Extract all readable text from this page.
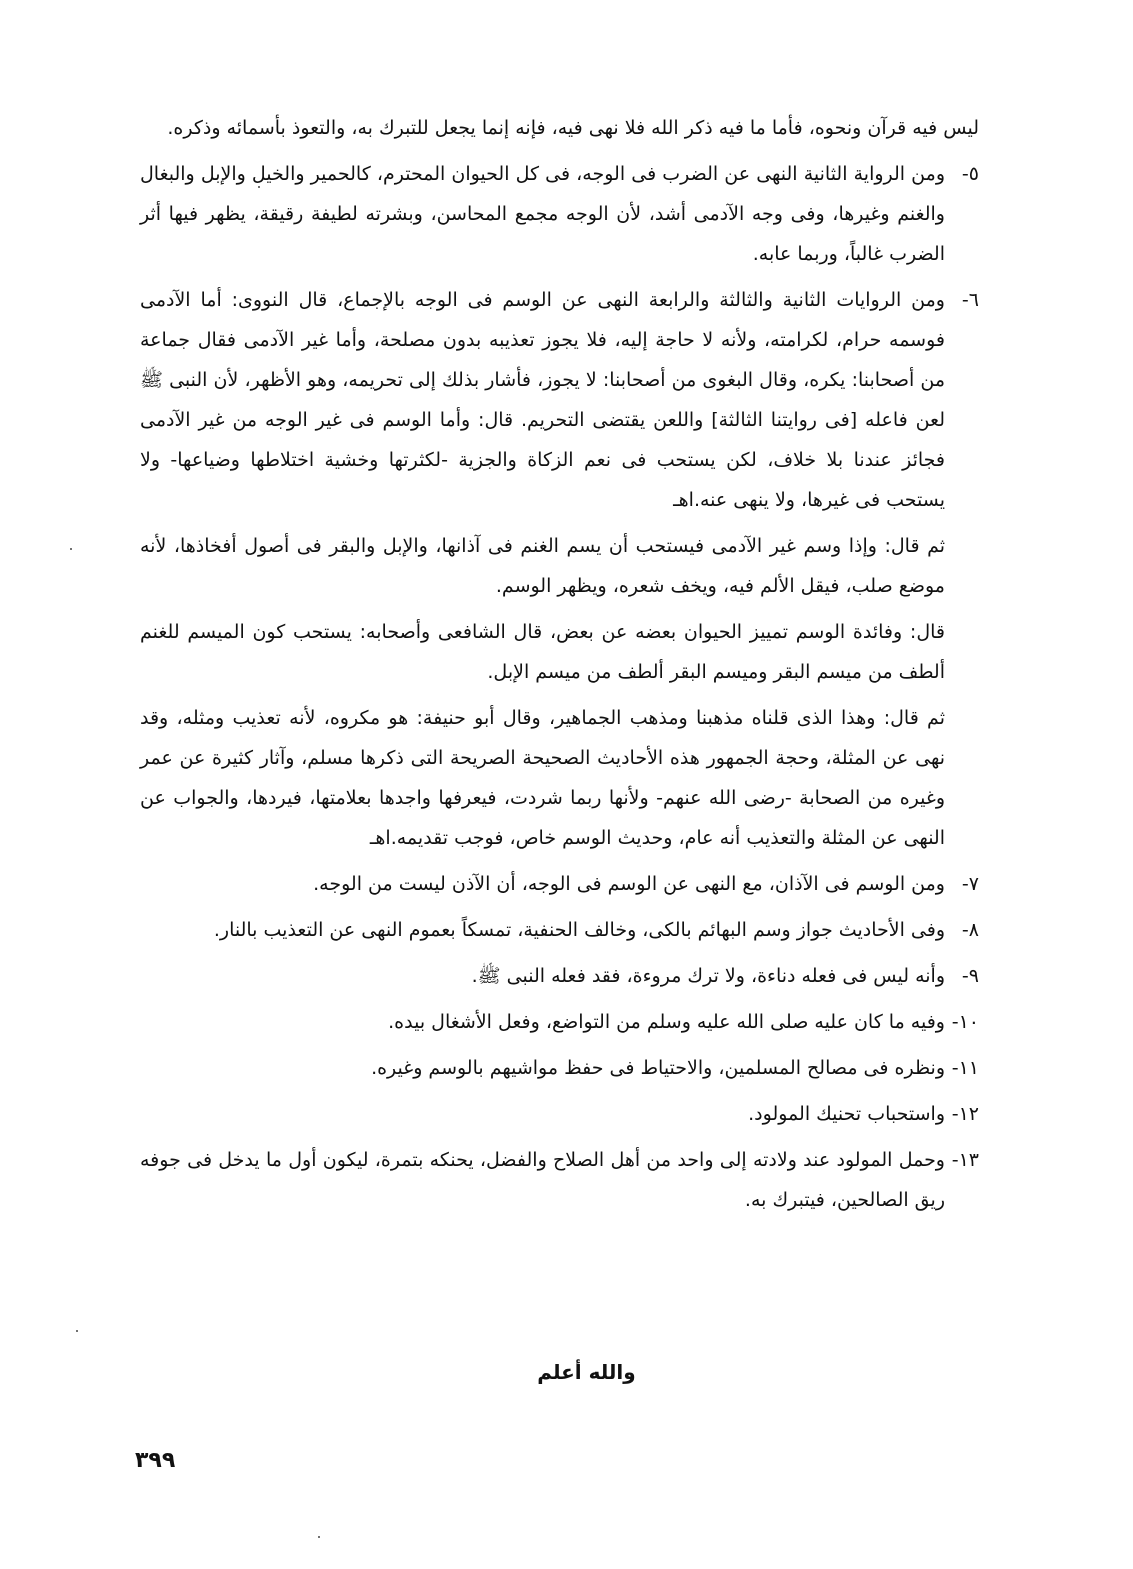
ليس فيه قرآن ونحوه، فأما ما فيه ذكر الله فلا نهى فيه، فإنه إنما يجعل للتبرك به، والتعوذ بأسمائه وذكره.

٥-
ومن الرواية الثانية النهى عن الضرب فى الوجه، فى كل الحيوان المحترم، كالحمير والخيل والإبل والبغال والغنم وغيرها، وفى وجه الآدمى أشد، لأن الوجه مجمع المحاسن، وبشرته لطيفة رقيقة، يظهر فيها أثر الضرب غالباً، وربما عابه.
٦-
ومن الروايات الثانية والثالثة والرابعة النهى عن الوسم فى الوجه بالإجماع، قال النووى: أما الآدمى فوسمه حرام، لكرامته، ولأنه لا حاجة إليه، فلا يجوز تعذيبه بدون مصلحة، وأما غير الآدمى فقال جماعة من أصحابنا: يكره، وقال البغوى من أصحابنا: لا يجوز، فأشار بذلك إلى تحريمه، وهو الأظهر، لأن النبى ﷺ لعن فاعله [فى روايتنا الثالثة] واللعن يقتضى التحريم. قال: وأما الوسم فى غير الوجه من غير الآدمى فجائز عندنا بلا خلاف، لكن يستحب فى نعم الزكاة والجزية -لكثرتها وخشية اختلاطها وضياعها- ولا يستحب فى غيرها، ولا ينهى عنه.اهـ

ثم قال: وإذا وسم غير الآدمى فيستحب أن يسم الغنم فى آذانها، والإبل والبقر فى أصول أفخاذها، لأنه موضع صلب، فيقل الألم فيه، ويخف شعره، ويظهر الوسم.

قال: وفائدة الوسم تمييز الحيوان بعضه عن بعض، قال الشافعى وأصحابه: يستحب كون الميسم للغنم ألطف من ميسم البقر وميسم البقر ألطف من ميسم الإبل.

ثم قال: وهذا الذى قلناه مذهبنا ومذهب الجماهير، وقال أبو حنيفة: هو مكروه، لأنه تعذيب ومثله، وقد نهى عن المثلة، وحجة الجمهور هذه الأحاديث الصحيحة الصريحة التى ذكرها مسلم، وآثار كثيرة عن عمر وغيره من الصحابة -رضى الله عنهم- ولأنها ربما شردت، فيعرفها واجدها بعلامتها، فيردها، والجواب عن النهى عن المثلة والتعذيب أنه عام، وحديث الوسم خاص، فوجب تقديمه.اهـ

٧-
ومن الوسم فى الآذان، مع النهى عن الوسم فى الوجه، أن الآذن ليست من الوجه.
٨-
وفى الأحاديث جواز وسم البهائم بالكى، وخالف الحنفية، تمسكاً بعموم النهى عن التعذيب بالنار.
٩-
وأنه ليس فى فعله دناءة، ولا ترك مروءة، فقد فعله النبى ﷺ.
١٠-
وفيه ما كان عليه صلى الله عليه وسلم من التواضع، وفعل الأشغال بيده.
١١-
ونظره فى مصالح المسلمين، والاحتياط فى حفظ مواشيهم بالوسم وغيره.
١٢-
واستحباب تحنيك المولود.
١٣-
وحمل المولود عند ولادته إلى واحد من أهل الصلاح والفضل، يحنكه بتمرة، ليكون أول ما يدخل فى جوفه ريق الصالحين، فيتبرك به.
والله أعلم
٣٩٩
